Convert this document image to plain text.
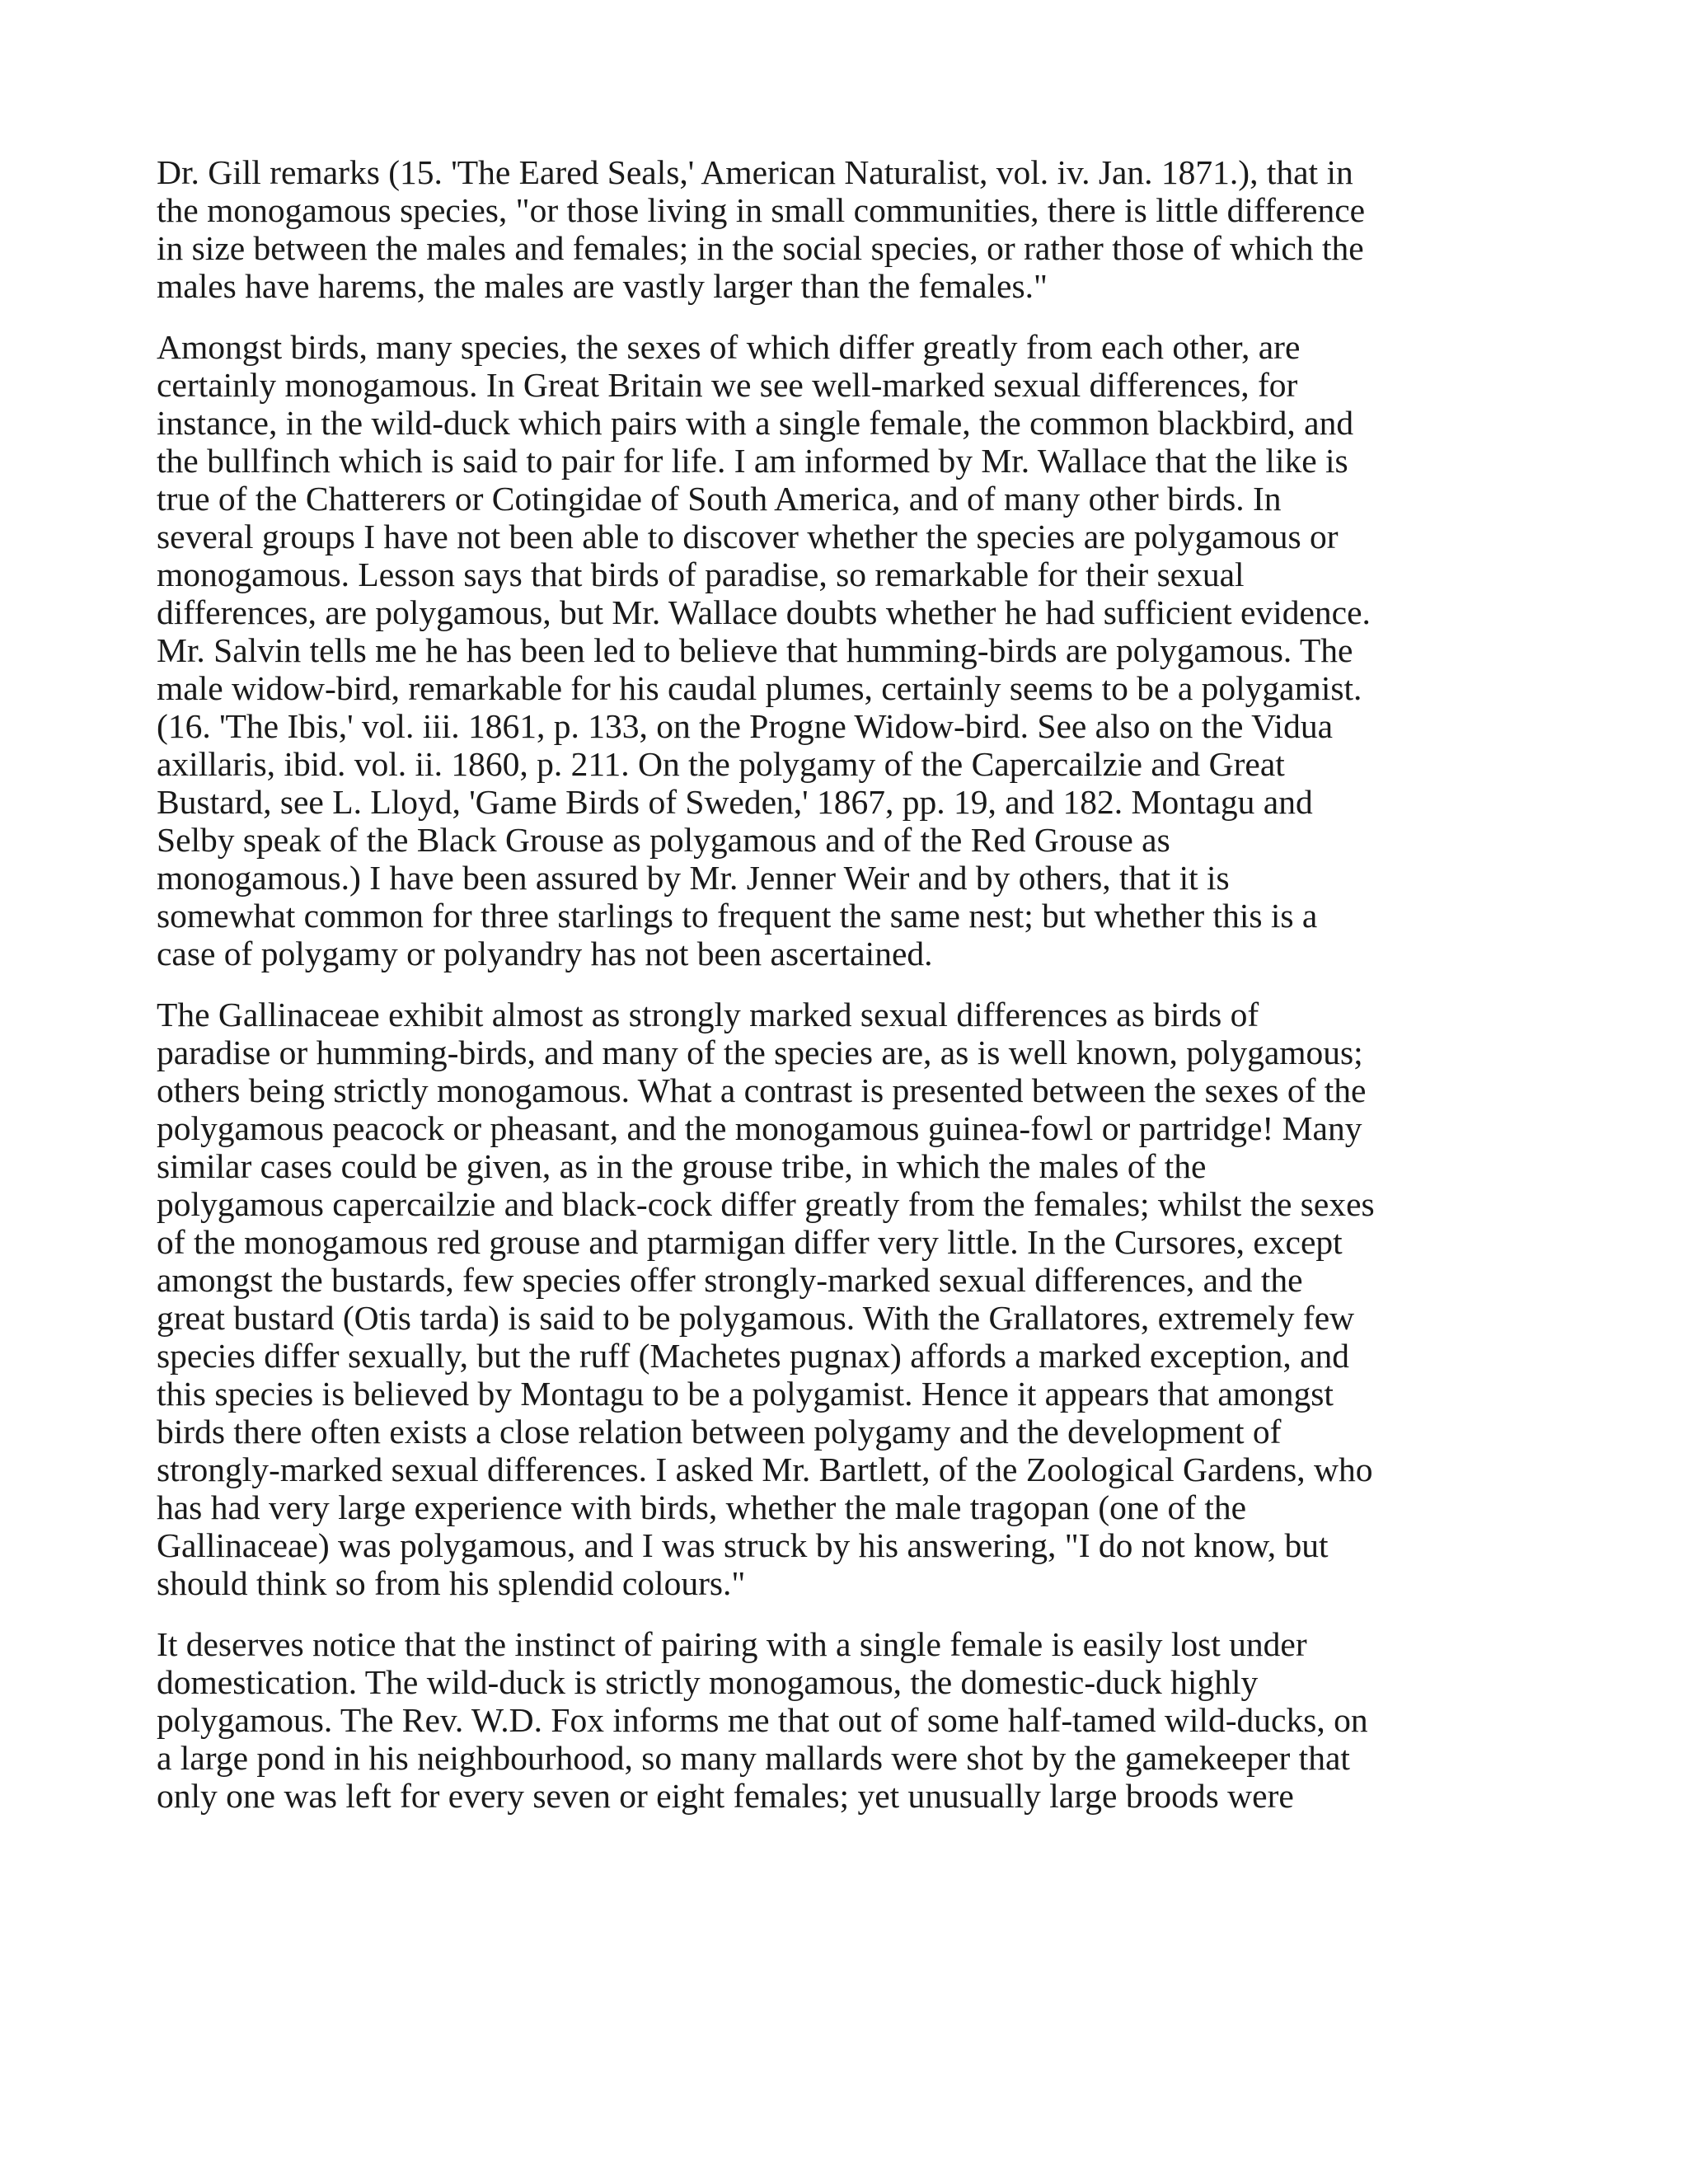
Dr. Gill remarks (15. 'The Eared Seals,' American Naturalist, vol. iv. Jan. 1871.), that in
the monogamous species, "or those living in small communities, there is little difference
in size between the males and females; in the social species, or rather those of which the
males have harems, the males are vastly larger than the females."

Amongst birds, many species, the sexes of which differ greatly from each other, are
certainly monogamous. In Great Britain we see well-marked sexual differences, for
instance, in the wild-duck which pairs with a single female, the common blackbird, and
the bullfinch which is said to pair for life. I am informed by Mr. Wallace that the like is
true of the Chatterers or Cotingidae of South America, and of many other birds. In
several groups I have not been able to discover whether the species are polygamous or
monogamous. Lesson says that birds of paradise, so remarkable for their sexual
differences, are polygamous, but Mr. Wallace doubts whether he had sufficient evidence.
Mr. Salvin tells me he has been led to believe that humming-birds are polygamous. The
male widow-bird, remarkable for his caudal plumes, certainly seems to be a polygamist.
(16. 'The Ibis,' vol. iii. 1861, p. 133, on the Progne Widow-bird. See also on the Vidua
axillaris, ibid. vol. ii. 1860, p. 211. On the polygamy of the Capercailzie and Great
Bustard, see L. Lloyd, 'Game Birds of Sweden,' 1867, pp. 19, and 182. Montagu and
Selby speak of the Black Grouse as polygamous and of the Red Grouse as
monogamous.) I have been assured by Mr. Jenner Weir and by others, that it is
somewhat common for three starlings to frequent the same nest; but whether this is a
case of polygamy or polyandry has not been ascertained.

The Gallinaceae exhibit almost as strongly marked sexual differences as birds of
paradise or humming-birds, and many of the species are, as is well known, polygamous;
others being strictly monogamous. What a contrast is presented between the sexes of the
polygamous peacock or pheasant, and the monogamous guinea-fowl or partridge! Many
similar cases could be given, as in the grouse tribe, in which the males of the
polygamous capercailzie and black-cock differ greatly from the females; whilst the sexes
of the monogamous red grouse and ptarmigan differ very little. In the Cursores, except
amongst the bustards, few species offer strongly-marked sexual differences, and the
great bustard (Otis tarda) is said to be polygamous. With the Grallatores, extremely few
species differ sexually, but the ruff (Machetes pugnax) affords a marked exception, and
this species is believed by Montagu to be a polygamist. Hence it appears that amongst
birds there often exists a close relation between polygamy and the development of
strongly-marked sexual differences. I asked Mr. Bartlett, of the Zoological Gardens, who
has had very large experience with birds, whether the male tragopan (one of the
Gallinaceae) was polygamous, and I was struck by his answering, "I do not know, but
should think so from his splendid colours."

It deserves notice that the instinct of pairing with a single female is easily lost under
domestication. The wild-duck is strictly monogamous, the domestic-duck highly
polygamous. The Rev. W.D. Fox informs me that out of some half-tamed wild-ducks, on
a large pond in his neighbourhood, so many mallards were shot by the gamekeeper that
only one was left for every seven or eight females; yet unusually large broods were
